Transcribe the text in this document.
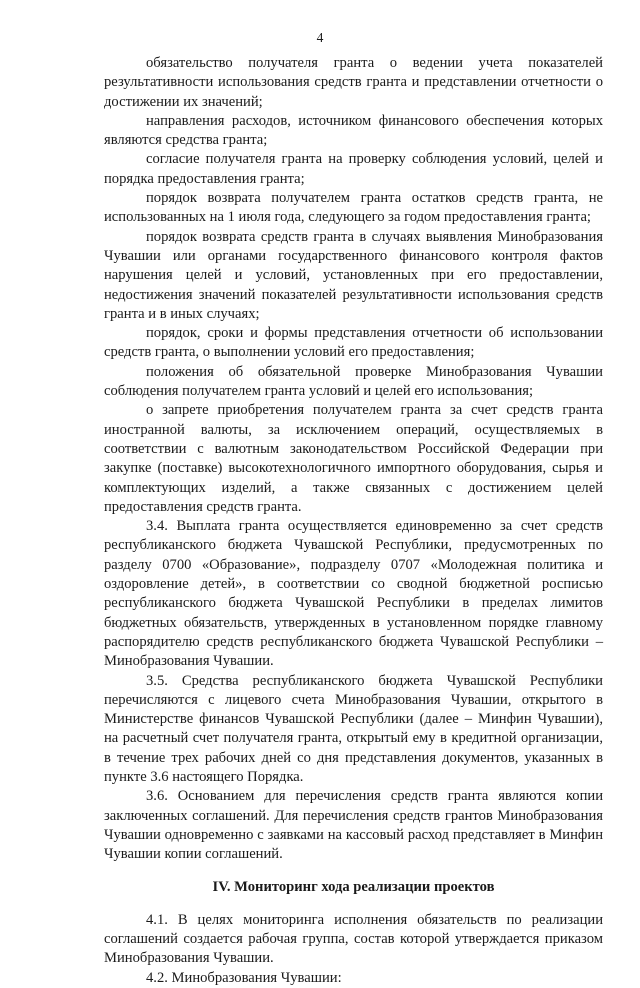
4

обязательство получателя гранта о ведении учета показателей результативности использования средств гранта и представлении отчетности о достижении их значений;

направления расходов, источником финансового обеспечения которых являются средства гранта;

согласие получателя гранта на проверку соблюдения условий, целей и порядка предоставления гранта;

порядок возврата получателем гранта остатков средств гранта, не использованных на 1 июля года, следующего за годом предоставления гранта;

порядок возврата средств гранта в случаях выявления Минобразования Чувашии или органами государственного финансового контроля фактов нарушения целей и условий, установленных при его предоставлении, недостижения значений показателей результативности использования средств гранта и в иных случаях;

порядок, сроки и формы представления отчетности об использовании средств гранта, о выполнении условий его предоставления;

положения об обязательной проверке Минобразования Чувашии соблюдения получателем гранта условий и целей его использования;

о запрете приобретения получателем гранта за счет средств гранта иностранной валюты, за исключением операций, осуществляемых в соответствии с валютным законодательством Российской Федерации при закупке (поставке) высокотехнологичного импортного оборудования, сырья и комплектующих изделий, а также связанных с достижением целей предоставления средств гранта.

3.4. Выплата гранта осуществляется единовременно за счет средств республиканского бюджета Чувашской Республики, предусмотренных по разделу 0700 «Образование», подразделу 0707 «Молодежная политика и оздоровление детей», в соответствии со сводной бюджетной росписью республиканского бюджета Чувашской Республики в пределах лимитов бюджетных обязательств, утвержденных в установленном порядке главному распорядителю средств республиканского бюджета Чувашской Республики – Минобразования Чувашии.

3.5. Средства республиканского бюджета Чувашской Республики перечисляются с лицевого счета Минобразования Чувашии, открытого в Министерстве финансов Чувашской Республики (далее – Минфин Чувашии), на расчетный счет получателя гранта, открытый ему в кредитной организации, в течение трех рабочих дней со дня представления документов, указанных в пункте 3.6 настоящего Порядка.

3.6. Основанием для перечисления средств гранта являются копии заключенных соглашений. Для перечисления средств грантов Минобразования Чувашии одновременно с заявками на кассовый расход представляет в Минфин Чувашии копии соглашений.

IV. Мониторинг хода реализации проектов

4.1. В целях мониторинга исполнения обязательств по реализации соглашений создается рабочая группа, состав которой утверждается приказом Минобразования Чувашии.

4.2. Минобразования Чувашии:
